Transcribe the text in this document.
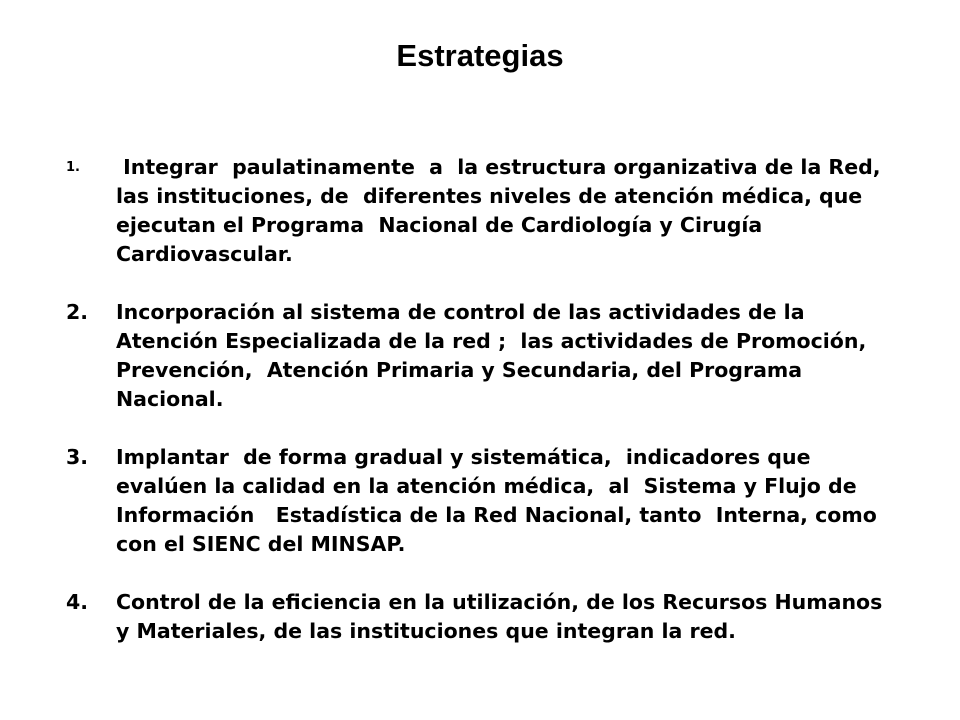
Estrategias
1.	Integrar  paulatinamente  a  la estructura organizativa de la Red,
las instituciones, de  diferentes niveles de atención médica, que
ejecutan el Programa  Nacional de Cardiología y Cirugía
Cardiovascular.
2.	Incorporación al sistema de control de las actividades de la
Atención Especializada de la red ;  las actividades de Promoción,
Prevención,  Atención Primaria y Secundaria, del Programa
Nacional.
3.	Implantar  de forma gradual y sistemática,  indicadores que
evalúen la calidad en la atención médica,  al  Sistema y Flujo de
Información   Estadística de la Red Nacional, tanto  Interna, como
con el SIENC del MINSAP.
4.	Control de la eficiencia en la utilización, de los Recursos Humanos
y Materiales, de las instituciones que integran la red.
